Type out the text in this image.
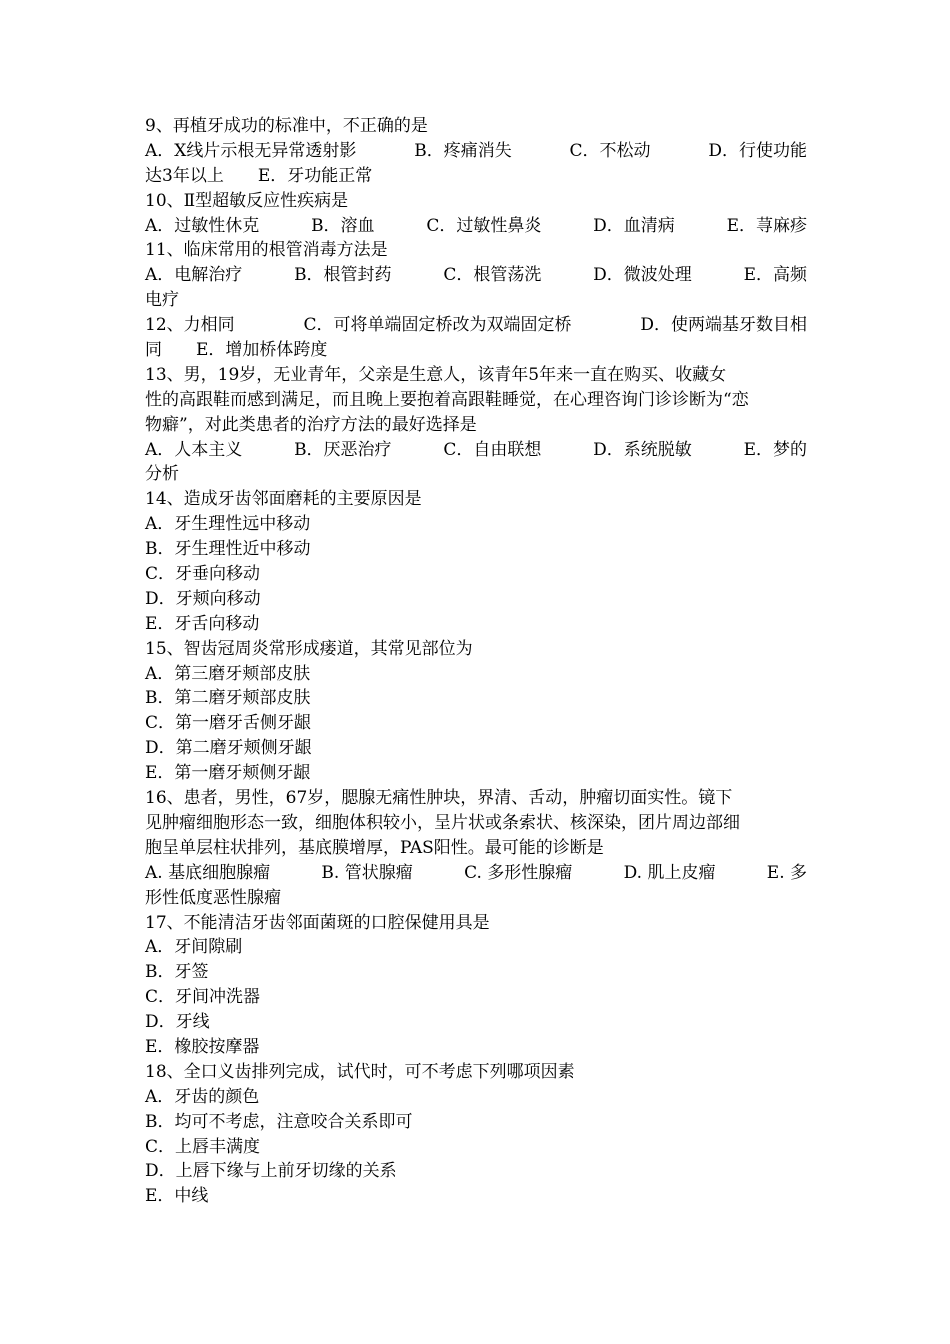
9、再植牙成功的标准中，不正确的是
A．X线片示根无异常透射影	B．疼痛消失	C．不松动	D．行使功能
达3年以上　　E．牙功能正常
10、Ⅱ型超敏反应性疾病是
A．过敏性休克	B．溶血	C．过敏性鼻炎	D．血清病	E．荨麻疹
11、临床常用的根管消毒方法是
A．电解治疗	B．根管封药	C．根管荡洗	D．微波处理	E．高频
电疗
12、力相同	C．可将单端固定桥改为双端固定桥	D．使两端基牙数目相
同　　E．增加桥体跨度
13、男，19岁，无业青年，父亲是生意人，该青年5年来一直在购买、收藏女
性的高跟鞋而感到满足，而且晚上要抱着高跟鞋睡觉，在心理咨询门诊诊断为“恋
物癖”，对此类患者的治疗方法的最好选择是
A．人本主义	B．厌恶治疗	C．自由联想	D．系统脱敏	E．梦的
分析
14、造成牙齿邻面磨耗的主要原因是
A．牙生理性远中移动
B．牙生理性近中移动
C．牙垂向移动
D．牙颊向移动
E．牙舌向移动
15、智齿冠周炎常形成瘘道，其常见部位为
A．第三磨牙颊部皮肤
B．第二磨牙颊部皮肤
C．第一磨牙舌侧牙龈
D．第二磨牙颊侧牙龈
E．第一磨牙颊侧牙龈
16、患者，男性，67岁，腮腺无痛性肿块，界清、舌动，肿瘤切面实性。镜下
见肿瘤细胞形态一致，细胞体积较小，呈片状或条索状、核深染，团片周边部细
胞呈单层柱状排列，基底膜增厚，PAS阳性。最可能的诊断是
A. 基底细胞腺瘤	B. 管状腺瘤	C. 多形性腺瘤	D. 肌上皮瘤	E. 多
形性低度恶性腺瘤
17、不能清洁牙齿邻面菌斑的口腔保健用具是
A．牙间隙刷
B．牙签
C．牙间冲洗器
D．牙线
E．橡胶按摩器
18、全口义齿排列完成，试代时，可不考虑下列哪项因素
A．牙齿的颜色
B．均可不考虑，注意咬合关系即可
C．上唇丰满度
D．上唇下缘与上前牙切缘的关系
E．中线
